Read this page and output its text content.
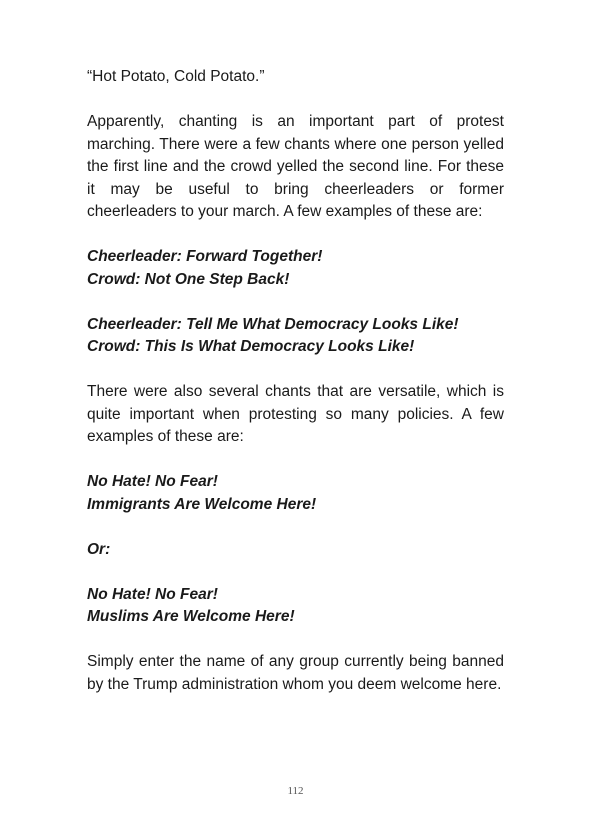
“Hot Potato, Cold Potato.”

Apparently, chanting is an important part of protest marching. There were a few chants where one person yelled the first line and the crowd yelled the second line. For these it may be useful to bring cheerleaders or former cheerleaders to your march. A few examples of these are:

Cheerleader: Forward Together!

Crowd: Not One Step Back!

Cheerleader: Tell Me What Democracy Looks Like!

Crowd: This Is What Democracy Looks Like!

There were also several chants that are versatile, which is quite important when protesting so many policies. A few examples of these are:

No Hate! No Fear!

Immigrants Are Welcome Here!

Or:

No Hate! No Fear!

Muslims Are Welcome Here!

Simply enter the name of any group currently being banned by the Trump administration whom you deem welcome here.

112
